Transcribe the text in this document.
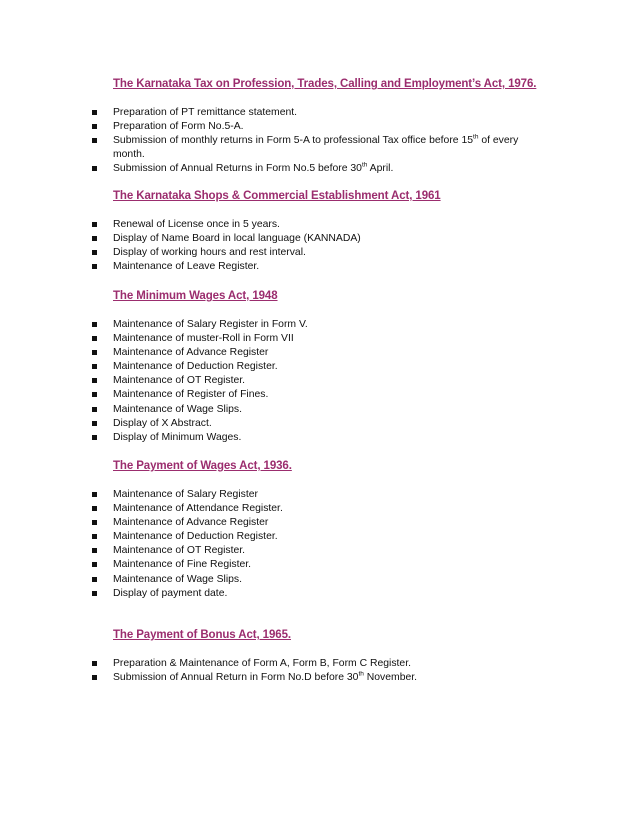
The Karnataka Tax on Profession, Trades, Calling and Employment’s Act, 1976.
Preparation of PT remittance statement.
Preparation of Form No.5-A.
Submission of monthly returns in Form 5-A to professional Tax office before 15th of every month.
Submission of Annual Returns in Form No.5 before 30th April.
The Karnataka Shops & Commercial Establishment Act, 1961
Renewal of License once in 5 years.
Display of Name Board in local language (KANNADA)
Display of working hours and rest interval.
Maintenance of Leave Register.
The Minimum Wages Act, 1948
Maintenance of Salary Register in Form V.
Maintenance of muster-Roll in Form VII
Maintenance of Advance Register
Maintenance of Deduction Register.
Maintenance of OT Register.
Maintenance of Register of Fines.
Maintenance of Wage Slips.
Display of X Abstract.
Display of Minimum Wages.
The Payment of Wages Act, 1936.
Maintenance of Salary Register
Maintenance of Attendance Register.
Maintenance of Advance Register
Maintenance of Deduction Register.
Maintenance of OT Register.
Maintenance of Fine Register.
Maintenance of Wage Slips.
Display of payment date.
The Payment of Bonus Act, 1965.
Preparation & Maintenance of Form A, Form B, Form C Register.
Submission of Annual Return in Form No.D before 30th November.
